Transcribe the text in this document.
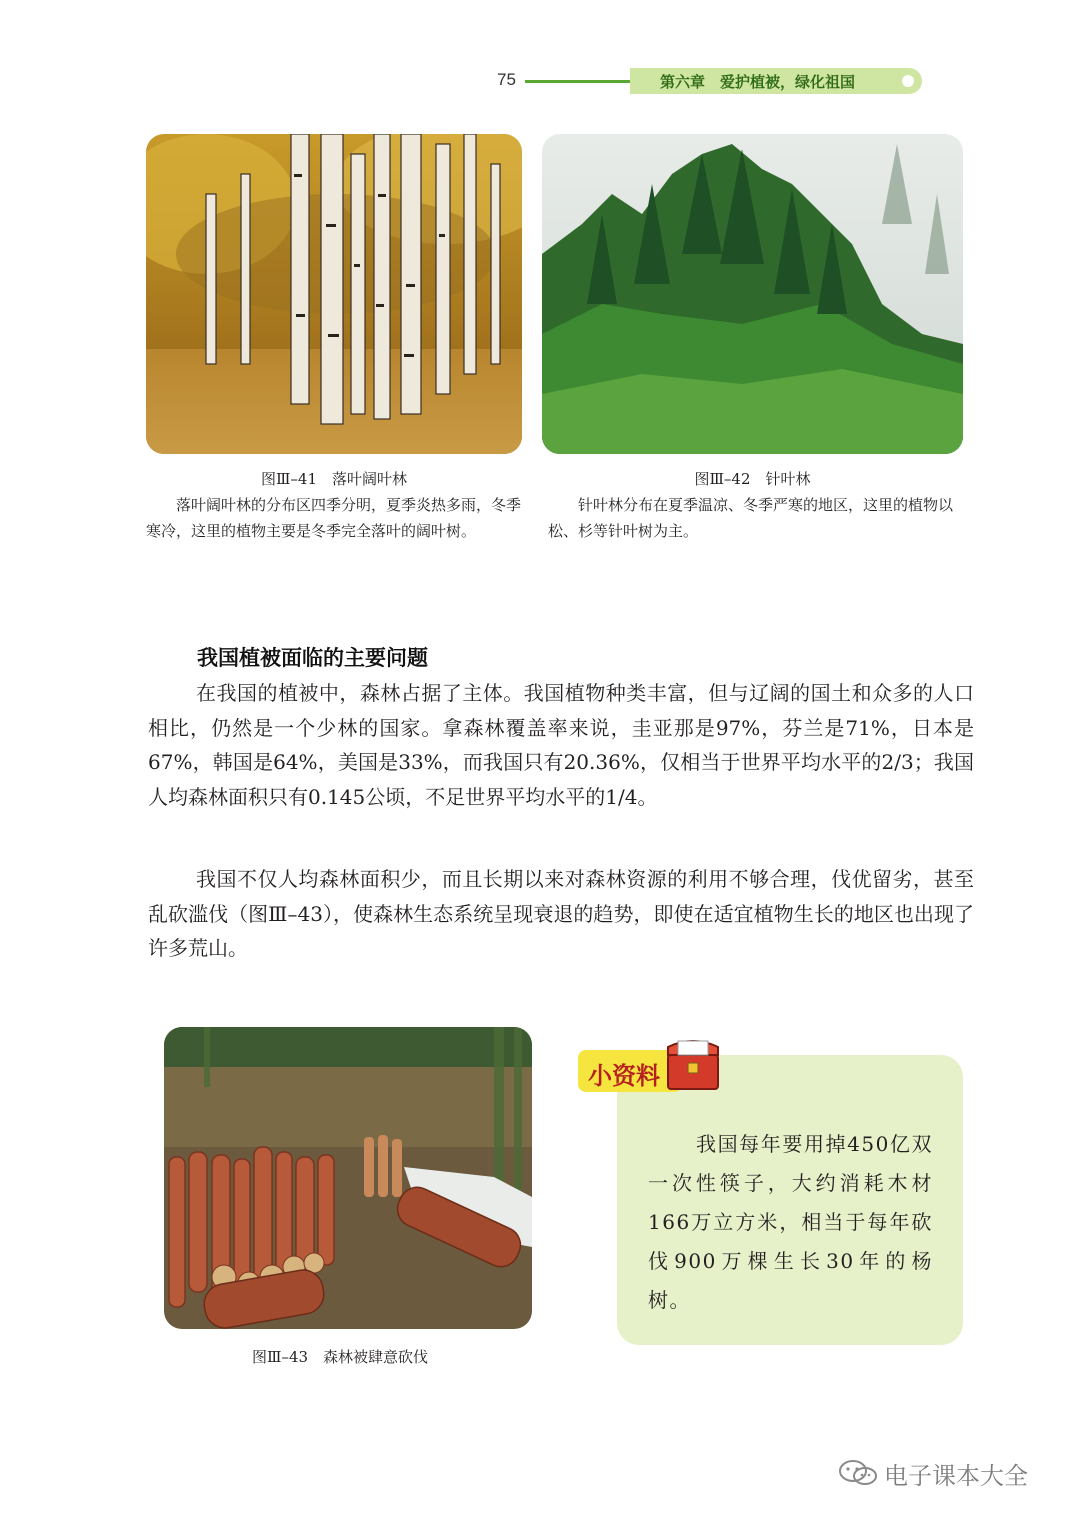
75	第六章　爱护植被，绿化祖国
图Ⅲ–41　落叶阔叶林
落叶阔叶林的分布区四季分明，夏季炎热多雨，冬季寒冷，这里的植物主要是冬季完全落叶的阔叶树。
图Ⅲ–42　针叶林
针叶林分布在夏季温凉、冬季严寒的地区，这里的植物以松、杉等针叶树为主。
我国植被面临的主要问题
在我国的植被中，森林占据了主体。我国植物种类丰富，但与辽阔的国土和众多的人口相比，仍然是一个少林的国家。拿森林覆盖率来说，圭亚那是97%，芬兰是71%，日本是67%，韩国是64%，美国是33%，而我国只有20.36%，仅相当于世界平均水平的2/3；我国人均森林面积只有0.145公顷，不足世界平均水平的1/4。
我国不仅人均森林面积少，而且长期以来对森林资源的利用不够合理，伐优留劣，甚至乱砍滥伐（图Ⅲ–43），使森林生态系统呈现衰退的趋势，即使在适宜植物生长的地区也出现了许多荒山。
图Ⅲ–43　森林被肆意砍伐
小资料
我国每年要用掉450亿双一次性筷子，大约消耗木材166万立方米，相当于每年砍伐900万棵生长30年的杨树。
电子课本大全
